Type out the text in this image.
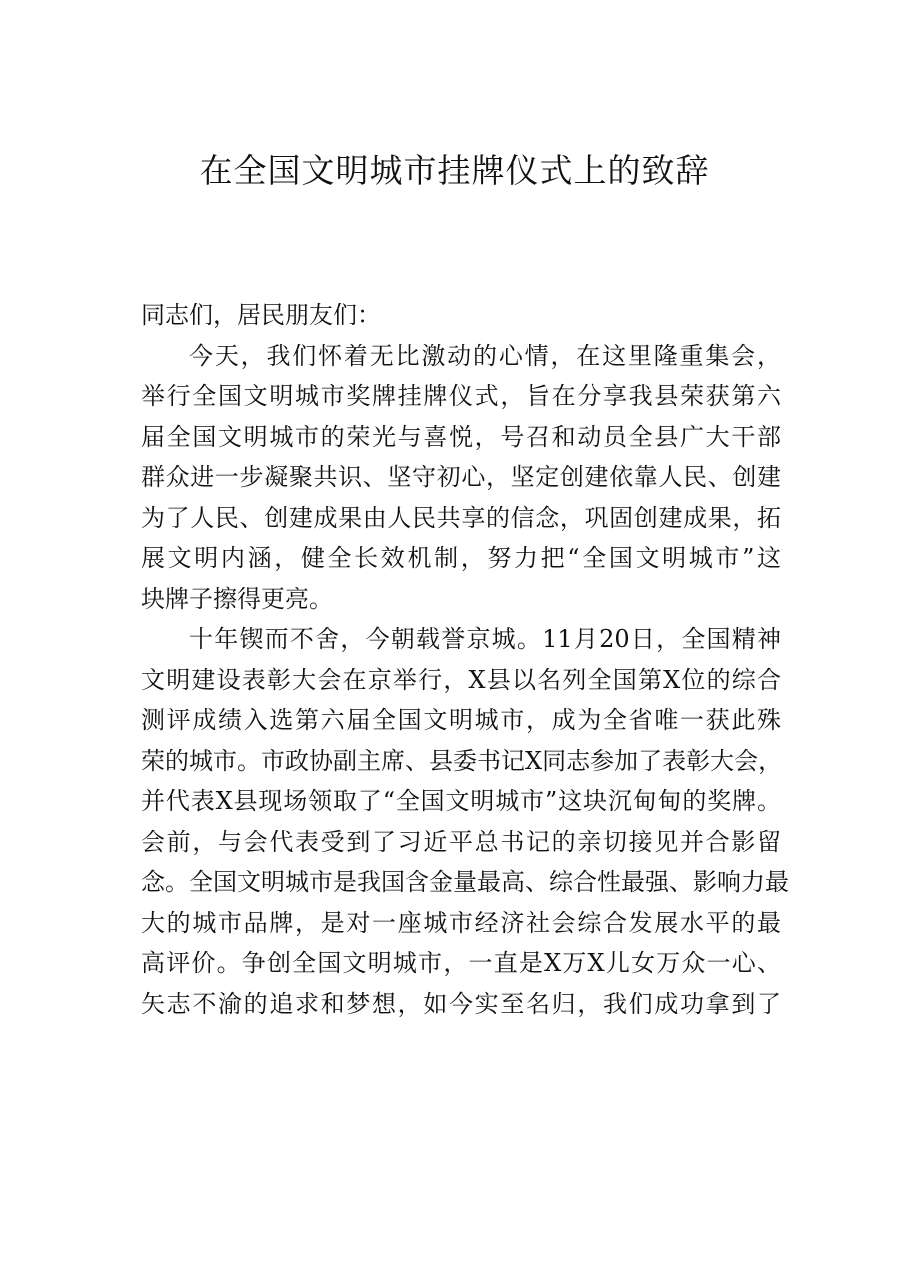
在全国文明城市挂牌仪式上的致辞
同志们，居民朋友们：
今天，我们怀着无比激动的心情，在这里隆重集会，
举行全国文明城市奖牌挂牌仪式，旨在分享我县荣获第六
届全国文明城市的荣光与喜悦，号召和动员全县广大干部
群众进一步凝聚共识、坚守初心，坚定创建依靠人民、创建
为了人民、创建成果由人民共享的信念，巩固创建成果，拓
展文明内涵，健全长效机制，努力把“全国文明城市”这
块牌子擦得更亮。
十年锲而不舍，今朝载誉京城。11月20日，全国精神
文明建设表彰大会在京举行，X县以名列全国第X位的综合
测评成绩入选第六届全国文明城市，成为全省唯一获此殊
荣的城市。市政协副主席、县委书记X同志参加了表彰大会，
并代表X县现场领取了“全国文明城市”这块沉甸甸的奖牌。
会前，与会代表受到了习近平总书记的亲切接见并合影留
念。全国文明城市是我国含金量最高、综合性最强、影响力最
大的城市品牌，是对一座城市经济社会综合发展水平的最
高评价。争创全国文明城市，一直是X万X儿女万众一心、
矢志不渝的追求和梦想，如今实至名归，我们成功拿到了
